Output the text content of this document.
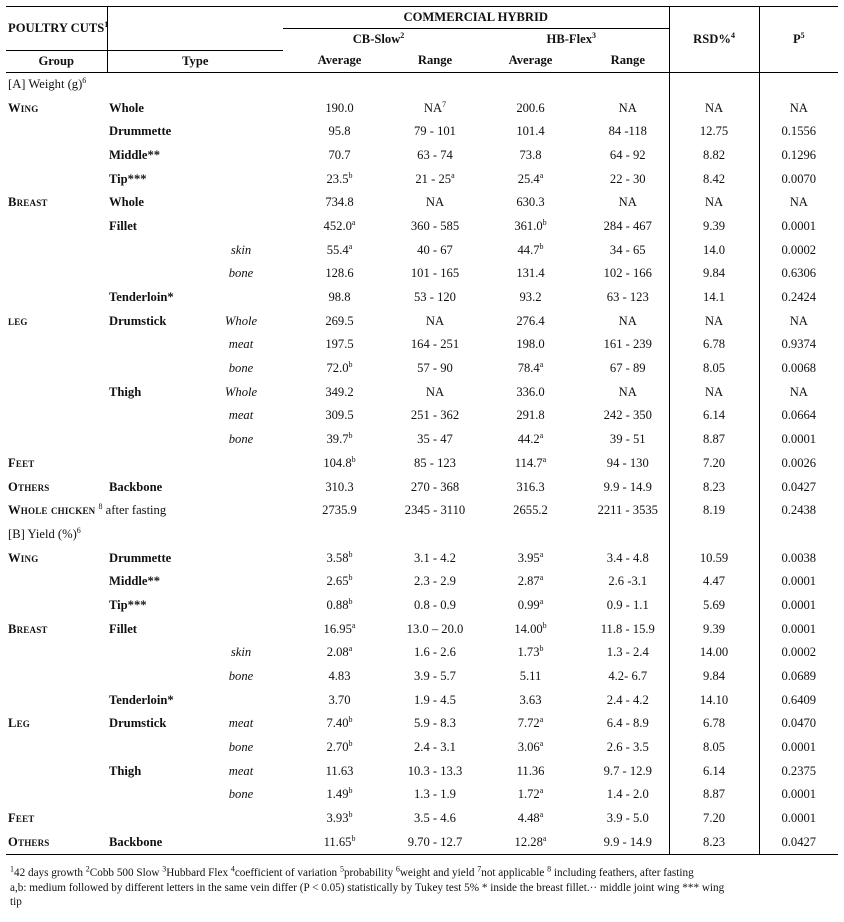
POULTRY CUTS$^1$			COMMERCIAL HYBRID					
			CB-Slow$^2$		HB-Flex$^3$		RSD%$^4$	$P^5$
Group	Type		Average	Range	Average	Range		
[A] Weight $(g)^6$		
Wing	Whole		190.0	$NA^7$	200.6	NA	NA	NA
	Drummette		95.8	79 - 101	101.4	84 -118	12.75	0.1556
	Middle**		70.7	63 - 74	73.8	64 - 92	8.82	0.1296
	Tip***		23.5$^b$	21 - 25$^a$	25.4$^a$	22 - 30	8.42	0.0070
Breast	Whole		734.8	NA	630.3	NA	NA	NA
	Fillet		452.0$^a$	360 - 585	361.0$^b$	284 - 467	9.39	0.0001
		skin	55.4$^a$	40 - 67	44.7$^b$	34 - 65	14.0	0.0002
		bone	128.6	101 - 165	131.4	102 - 166	9.84	0.6306
	Tenderloin*		98.8	53 - 120	93.2	63 - 123	14.1	0.2424
leg	Drumstick	Whole	269.5	NA	276.4	NA	NA	NA
		meat	197.5	164 - 251	198.0	161 - 239	6.78	0.9374
		bone	72.0$^b$	57 - 90	78.4$^a$	67 - 89	8.05	0.0068
	Thigh	Whole	349.2	NA	336.0	NA	NA	NA
		meat	309.5	251 - 362	291.8	242 - 350	6.14	0.0664
		bone	39.7$^b$	35 - 47	44.2$^a$	39 - 51	8.87	0.0001
Feet			104.8$^b$	85 - 123	114.7$^a$	94 - 130	7.20	0.0026
Others	Backbone		310.3	270 - 368	316.3	9.9 - 14.9	8.23	0.0427
Whole chicken $^8$ after fasting			2735.9	2345 - 3110	2655.2	2211 - 3535	8.19	0.2438
[B] Yield (%)$^6$		
Wing	Drummette		3.58$^b$	3.1 - 4.2	3.95$^a$	3.4 - 4.8	10.59	0.0038
	Middle**		2.65$^b$	2.3 - 2.9	2.87$^a$	2.6 -3.1	4.47	0.0001
	Tip***		0.88$^b$	0.8 - 0.9	0.99$^a$	0.9 - 1.1	5.69	0.0001
Breast	Fillet		16.95$^a$	13.0 – 20.0	14.00$^b$	11.8 - 15.9	9.39	0.0001
		skin	2.08$^a$	1.6 - 2.6	1.73$^b$	1.3 - 2.4	14.00	0.0002
		bone	4.83	3.9 - 5.7	5.11	4.2- 6.7	9.84	0.0689
	Tenderloin*		3.70	1.9 - 4.5	3.63	2.4 - 4.2	14.10	0.6409
Leg	Drumstick	meat	7.40$^b$	5.9 - 8.3	7.72$^a$	6.4 - 8.9	6.78	0.0470
		bone	2.70$^b$	2.4 - 3.1	3.06$^a$	2.6 - 3.5	8.05	0.0001
	Thigh	meat	11.63	10.3 - 13.3	11.36	9.7 - 12.9	6.14	0.2375
		bone	1.49$^b$	1.3 - 1.9	1.72$^a$	1.4 - 2.0	8.87	0.0001
Feet			3.93$^b$	3.5 - 4.6	4.48$^a$	3.9 - 5.0	7.20	0.0001
Others	Backbone		11.65$^b$	9.70 - 12.7	12.28$^a$	9.9 - 14.9	8.23	0.0427
$^1$42 days growth $^2$Cobb 500 Slow $^3$Hubbard Flex $^4$coefficient of variation $^5$probability $^6$weight and yield $^7$not applicable $^8$ including feathers, after fasting
a,b: medium followed by different letters in the same vein differ (P < 0.05) statistically by Tukey test 5% * inside the breast fillet.·· middle joint wing *** wing
tip
